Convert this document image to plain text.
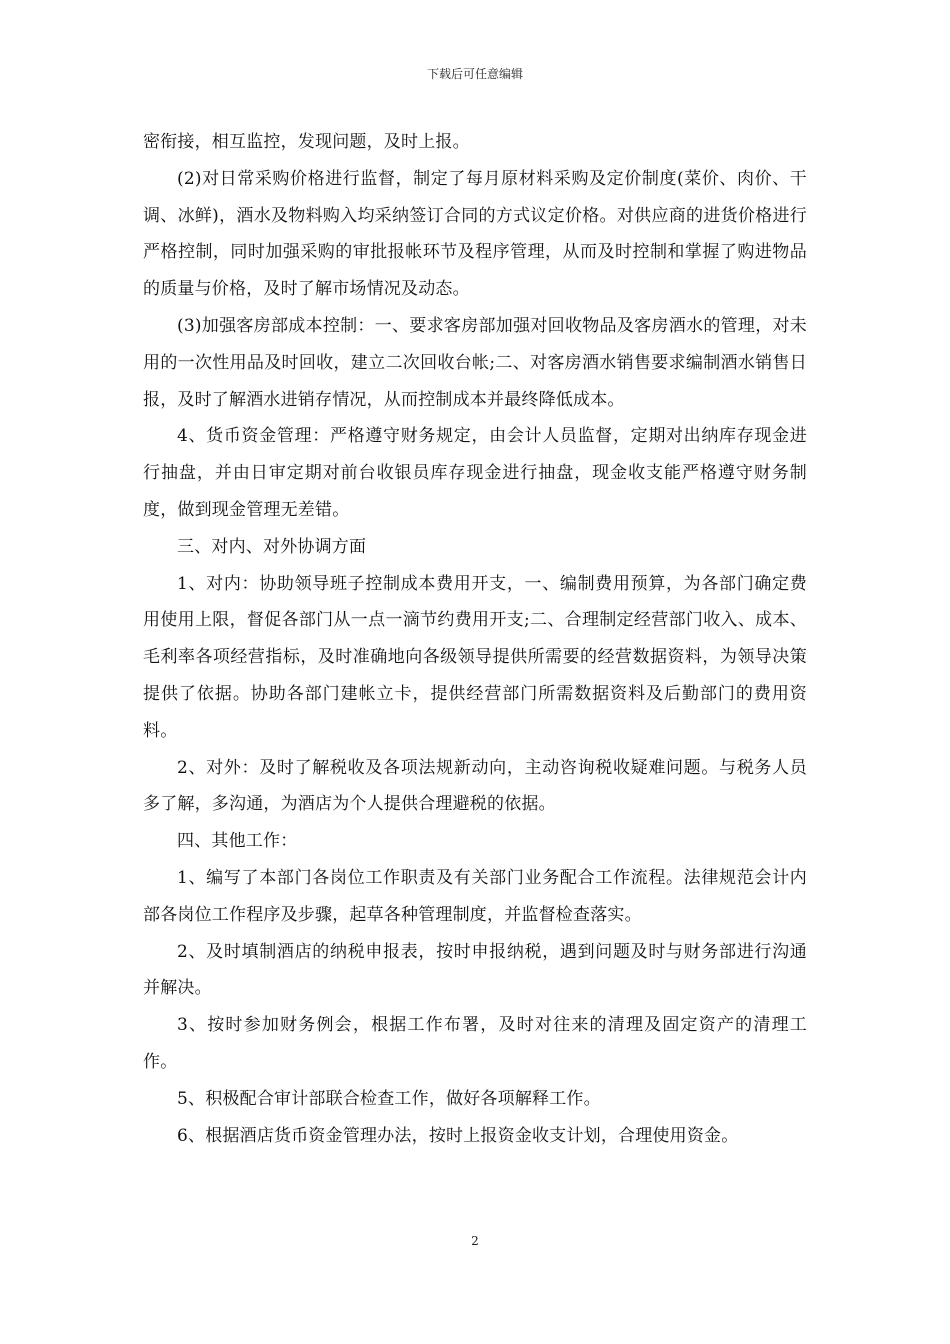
下载后可任意编辑

密衔接，相互监控，发现问题，及时上报。

(2)对日常采购价格进行监督，制定了每月原材料采购及定价制度(菜价、肉价、干调、冰鲜)，酒水及物料购入均采纳签订合同的方式议定价格。对供应商的进货价格进行严格控制，同时加强采购的审批报帐环节及程序管理，从而及时控制和掌握了购进物品的质量与价格，及时了解市场情况及动态。

(3)加强客房部成本控制：一、要求客房部加强对回收物品及客房酒水的管理，对未用的一次性用品及时回收，建立二次回收台帐;二、对客房酒水销售要求编制酒水销售日报，及时了解酒水进销存情况，从而控制成本并最终降低成本。

4、货币资金管理：严格遵守财务规定，由会计人员监督，定期对出纳库存现金进行抽盘，并由日审定期对前台收银员库存现金进行抽盘，现金收支能严格遵守财务制度，做到现金管理无差错。

三、对内、对外协调方面

1、对内：协助领导班子控制成本费用开支，一、编制费用预算，为各部门确定费用使用上限，督促各部门从一点一滴节约费用开支;二、合理制定经营部门收入、成本、毛利率各项经营指标，及时准确地向各级领导提供所需要的经营数据资料，为领导决策提供了依据。协助各部门建帐立卡，提供经营部门所需数据资料及后勤部门的费用资料。

2、对外：及时了解税收及各项法规新动向，主动咨询税收疑难问题。与税务人员多了解，多沟通，为酒店为个人提供合理避税的依据。

四、其他工作：

1、编写了本部门各岗位工作职责及有关部门业务配合工作流程。法律规范会计内部各岗位工作程序及步骤，起草各种管理制度，并监督检查落实。

2、及时填制酒店的纳税申报表，按时申报纳税，遇到问题及时与财务部进行沟通并解决。

3、按时参加财务例会，根据工作布署，及时对往来的清理及固定资产的清理工作。

5、积极配合审计部联合检查工作，做好各项解释工作。

6、根据酒店货币资金管理办法，按时上报资金收支计划，合理使用资金。

2
